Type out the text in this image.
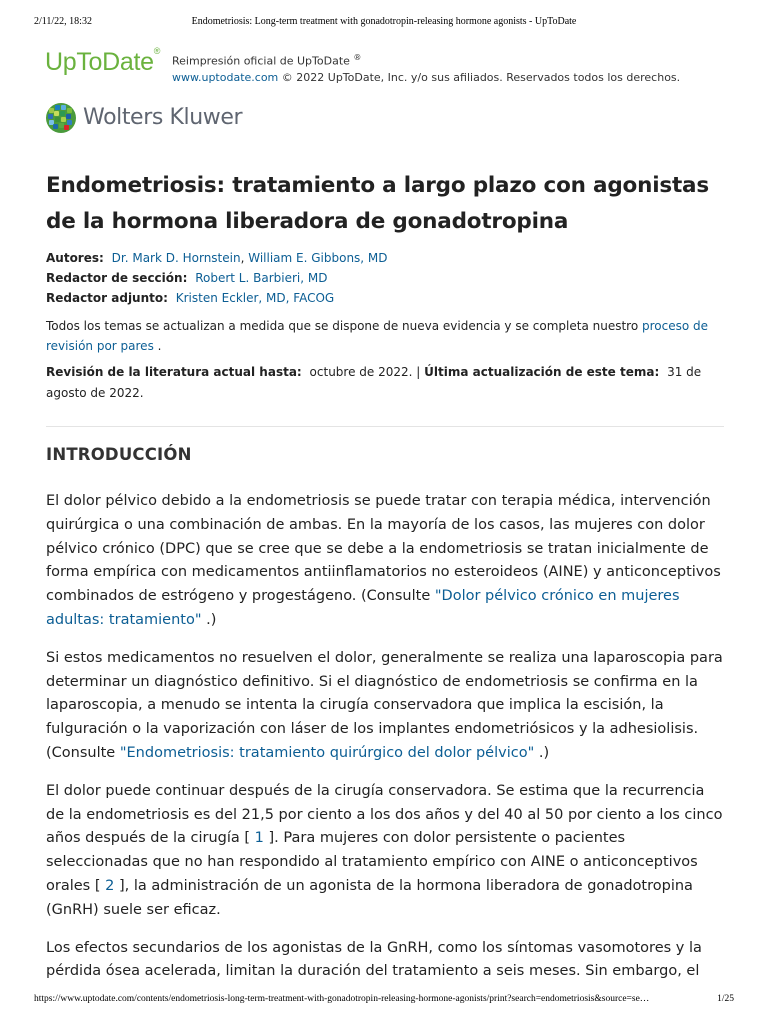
2/11/22, 18:32	Endometriosis: Long-term treatment with gonadotropin-releasing hormone agonists - UpToDate
UpToDate®
Reimpresión oficial de UpToDate ®
www.uptodate.com © 2022 UpToDate, Inc. y/o sus afiliados. Reservados todos los derechos.
Wolters Kluwer
Endometriosis: tratamiento a largo plazo con agonistas de la hormona liberadora de gonadotropina
Autores: Dr. Mark D. Hornstein, William E. Gibbons, MD
Redactor de sección: Robert L. Barbieri, MD
Redactor adjunto: Kristen Eckler, MD, FACOG

Todos los temas se actualizan a medida que se dispone de nueva evidencia y se completa nuestro proceso de revisión por pares .

Revisión de la literatura actual hasta: octubre de 2022. | Última actualización de este tema: 31 de agosto de 2022.

INTRODUCCIÓN

El dolor pélvico debido a la endometriosis se puede tratar con terapia médica, intervención quirúrgica o una combinación de ambas. En la mayoría de los casos, las mujeres con dolor pélvico crónico (DPC) que se cree que se debe a la endometriosis se tratan inicialmente de forma empírica con medicamentos antiinflamatorios no esteroideos (AINE) y anticonceptivos combinados de estrógeno y progestágeno. (Consulte "Dolor pélvico crónico en mujeres adultas: tratamiento" .)

Si estos medicamentos no resuelven el dolor, generalmente se realiza una laparoscopia para determinar un diagnóstico definitivo. Si el diagnóstico de endometriosis se confirma en la laparoscopia, a menudo se intenta la cirugía conservadora que implica la escisión, la fulguración o la vaporización con láser de los implantes endometriósicos y la adhesiolisis. (Consulte "Endometriosis: tratamiento quirúrgico del dolor pélvico" .)

El dolor puede continuar después de la cirugía conservadora. Se estima que la recurrencia de la endometriosis es del 21,5 por ciento a los dos años y del 40 al 50 por ciento a los cinco años después de la cirugía [ 1 ]. Para mujeres con dolor persistente o pacientes seleccionadas que no han respondido al tratamiento empírico con AINE o anticonceptivos orales [ 2 ], la administración de un agonista de la hormona liberadora de gonadotropina (GnRH) suele ser eficaz.

Los efectos secundarios de los agonistas de la GnRH, como los síntomas vasomotores y la pérdida ósea acelerada, limitan la duración del tratamiento a seis meses. Sin embargo, el

https://www.uptodate.com/contents/endometriosis-long-term-treatment-with-gonadotropin-releasing-hormone-agonists/print?search=endometriosis&source=se…	1/25
